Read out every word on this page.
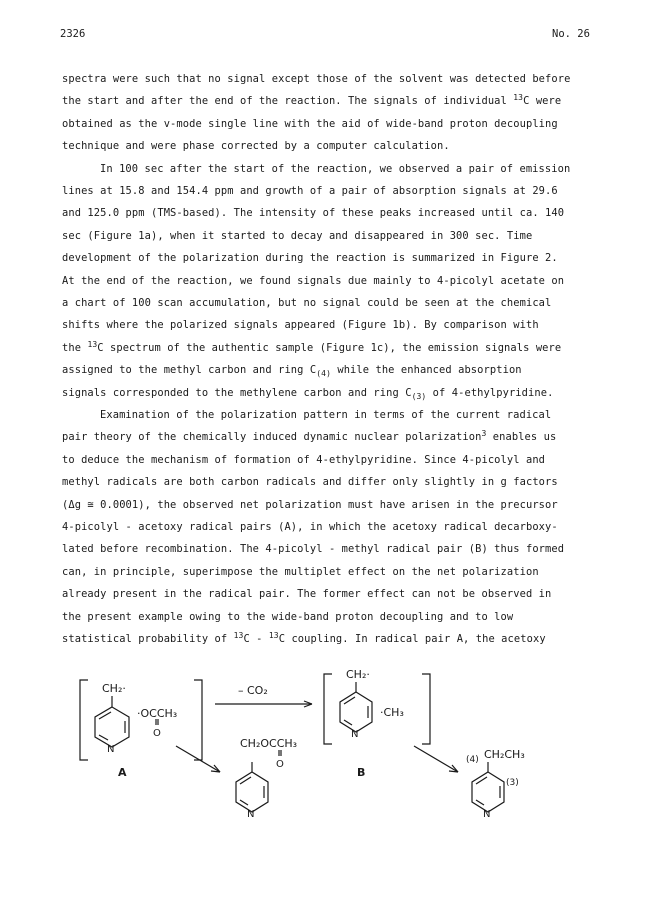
2326	No. 26
spectra were such that no signal except those of the solvent was detected before
the start and after the end of the reaction. The signals of individual $^{13}$C were
obtained as the v-mode single line with the aid of wide-band proton decoupling
technique and were phase corrected by a computer calculation.
In 100 sec after the start of the reaction, we observed a pair of emission
lines at 15.8 and 154.4 ppm and growth of a pair of absorption signals at 29.6
and 125.0 ppm (TMS-based). The intensity of these peaks increased until ca. 140
sec (Figure 1a), when it started to decay and disappeared in 300 sec. Time
development of the polarization during the reaction is summarized in Figure 2.
At the end of the reaction, we found signals due mainly to 4-picolyl acetate on
a chart of 100 scan accumulation, but no signal could be seen at the chemical
shifts where the polarized signals appeared (Figure 1b). By comparison with
the $^{13}$C spectrum of the authentic sample (Figure 1c), the emission signals were
assigned to the methyl carbon and ring $C_{(4)}$ while the enhanced absorption
signals corresponded to the methylene carbon and ring $C_{(3)}$ of 4-ethylpyridine.
Examination of the polarization pattern in terms of the current radical
pair theory of the chemically induced dynamic nuclear polarization$^3$ enables us
to deduce the mechanism of formation of 4-ethylpyridine. Since 4-picolyl and
methyl radicals are both carbon radicals and differ only slightly in g factors
(Δg ≅ 0.0001), the observed net polarization must have arisen in the precursor
4-picolyl - acetoxy radical pairs (A), in which the acetoxy radical decarboxy-
lated before recombination. The 4-picolyl - methyl radical pair (B) thus formed
can, in principle, superimpose the multiplet effect on the net polarization
already present in the radical pair. The former effect can not be observed in
the present example owing to the wide-band proton decoupling and to low
statistical probability of $^{13}$C - $^{13}$C coupling. In radical pair A, the acetoxy
CH₂·
N
·OCCH₃
O
A
– CO₂
CH₂·
N
·CH₃
B
CH₂OCCH₃
O
N
CH₂CH₃
(4)
(3)
N
